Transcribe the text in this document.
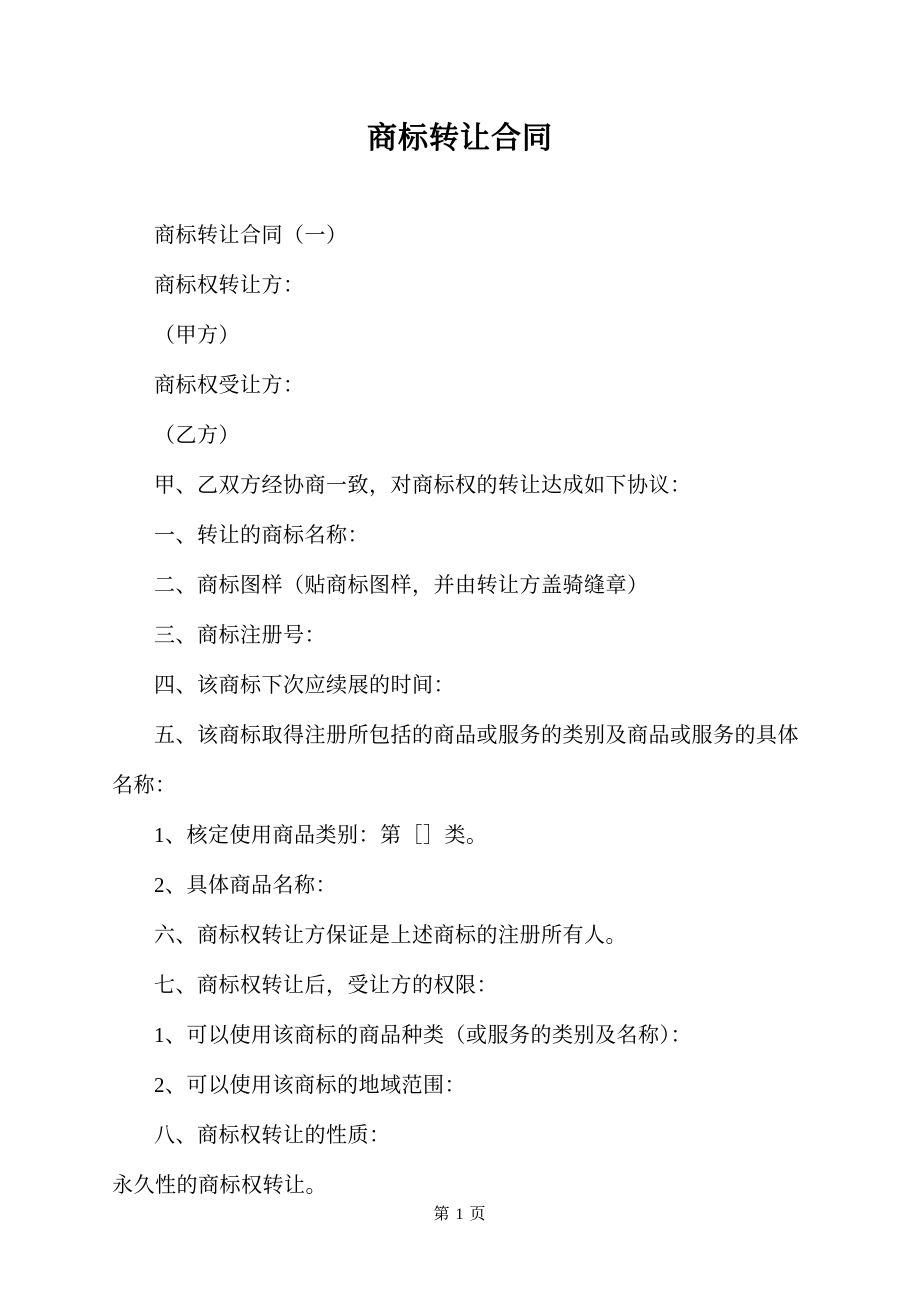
商标转让合同

商标转让合同（一）

商标权转让方：

（甲方）

商标权受让方：

（乙方）

甲、乙双方经协商一致，对商标权的转让达成如下协议：

一、转让的商标名称：

二、商标图样（贴商标图样，并由转让方盖骑缝章）

三、商标注册号：

四、该商标下次应续展的时间：

五、该商标取得注册所包括的商品或服务的类别及商品或服务的具体名称：

1、核定使用商品类别：第［］类。

2、具体商品名称：

六、商标权转让方保证是上述商标的注册所有人。

七、商标权转让后，受让方的权限：

1、可以使用该商标的商品种类（或服务的类别及名称）：

2、可以使用该商标的地域范围：

八、商标权转让的性质：

永久性的商标权转让。

第 1 页
